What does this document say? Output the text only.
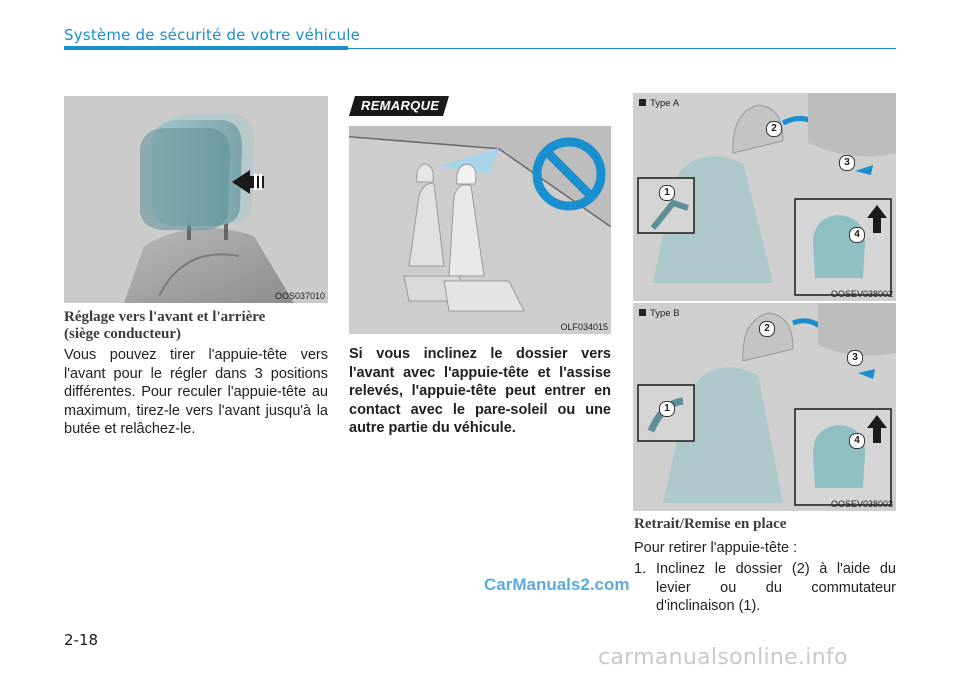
Système de sécurité de votre véhicule
OOS037010
Réglage vers l'avant et l'arrière
(siège conducteur)
Vous pouvez tirer l'appuie-tête vers l'avant pour le régler dans 3 positions différentes. Pour reculer l'appuie-tête au maximum, tirez-le vers l'avant jusqu'à la butée et relâchez-le.
REMARQUE
OLF034015
Si vous inclinez le dossier vers l'avant avec l'appuie-tête et l'assise relevés, l'appuie-tête peut entrer en contact avec le pare-soleil ou une autre partie du véhicule.
Type A
2
3
1
4
OOSEV038002
Type B
2
3
1
4
OOSEV038003
Retrait/Remise en place
Pour retirer l'appuie-tête :
1. Inclinez le dossier (2) à l'aide du levier ou du commutateur d'inclinaison (1).
CarManuals2.com
2-18
carmanualsonline.info
